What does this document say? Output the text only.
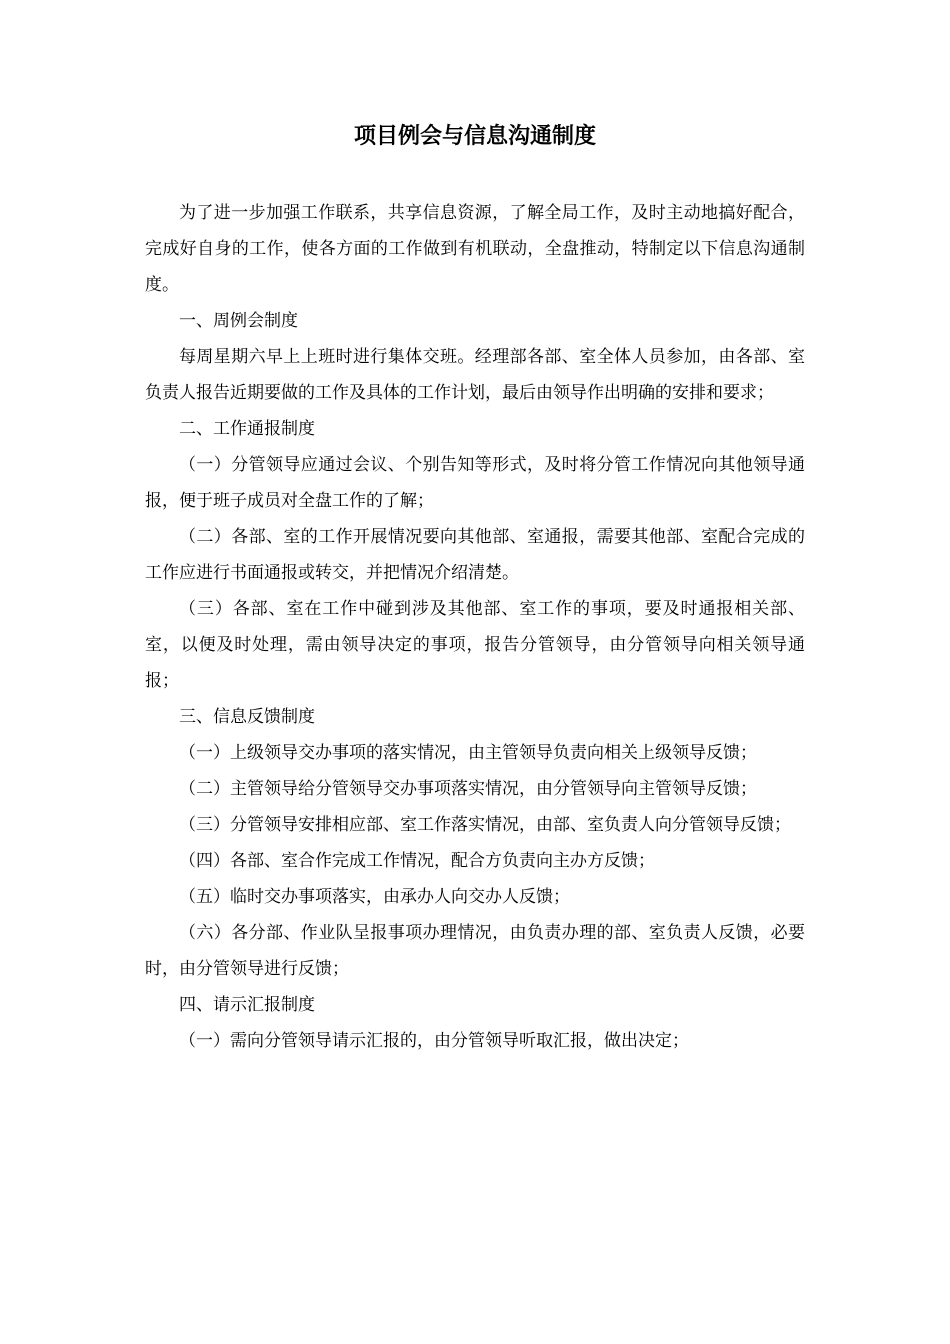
项目例会与信息沟通制度

为了进一步加强工作联系，共享信息资源，了解全局工作，及时主动地搞好配合，完成好自身的工作，使各方面的工作做到有机联动，全盘推动，特制定以下信息沟通制度。

一、周例会制度

每周星期六早上上班时进行集体交班。经理部各部、室全体人员参加，由各部、室负责人报告近期要做的工作及具体的工作计划，最后由领导作出明确的安排和要求；

二、工作通报制度

（一）分管领导应通过会议、个别告知等形式，及时将分管工作情况向其他领导通报，便于班子成员对全盘工作的了解；

（二）各部、室的工作开展情况要向其他部、室通报，需要其他部、室配合完成的工作应进行书面通报或转交，并把情况介绍清楚。

（三）各部、室在工作中碰到涉及其他部、室工作的事项，要及时通报相关部、室，以便及时处理，需由领导决定的事项，报告分管领导，由分管领导向相关领导通报；

三、信息反馈制度

（一）上级领导交办事项的落实情况，由主管领导负责向相关上级领导反馈；

（二）主管领导给分管领导交办事项落实情况，由分管领导向主管领导反馈；

（三）分管领导安排相应部、室工作落实情况，由部、室负责人向分管领导反馈；

（四）各部、室合作完成工作情况，配合方负责向主办方反馈；

（五）临时交办事项落实，由承办人向交办人反馈；

（六）各分部、作业队呈报事项办理情况，由负责办理的部、室负责人反馈，必要时，由分管领导进行反馈；

四、请示汇报制度

（一）需向分管领导请示汇报的，由分管领导听取汇报，做出决定；
